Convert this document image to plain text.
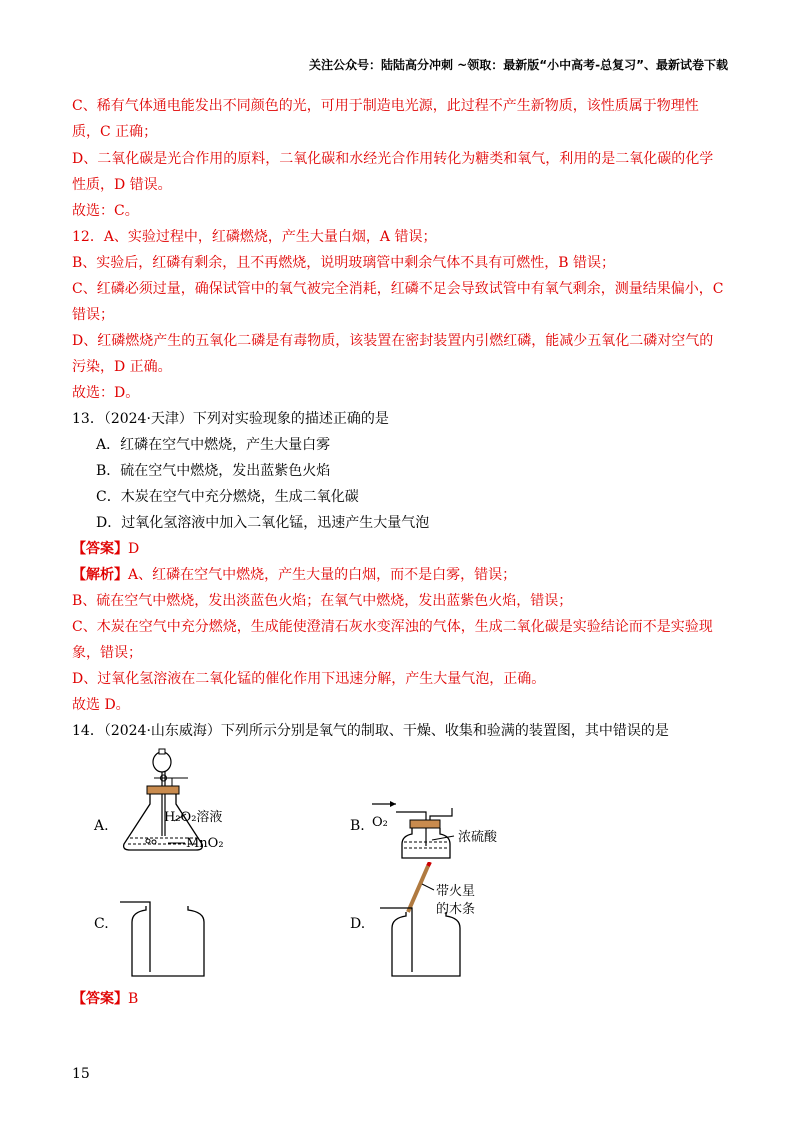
关注公众号：陆陆高分冲刺 ~领取：最新版“小中高考-总复习”、最新试卷下载
C、稀有气体通电能发出不同颜色的光，可用于制造电光源，此过程不产生新物质，该性质属于物理性
质，C 正确；
D、二氧化碳是光合作用的原料，二氧化碳和水经光合作用转化为糖类和氧气，利用的是二氧化碳的化学
性质，D 错误。
故选：C。
12．A、实验过程中，红磷燃烧，产生大量白烟，A 错误；
B、实验后，红磷有剩余，且不再燃烧，说明玻璃管中剩余气体不具有可燃性，B 错误；
C、红磷必须过量，确保试管中的氧气被完全消耗，红磷不足会导致试管中有氧气剩余，测量结果偏小，C
错误；
D、红磷燃烧产生的五氧化二磷是有毒物质，该装置在密封装置内引燃红磷，能减少五氧化二磷对空气的
污染，D 正确。
故选：D。
13．（2024·天津）下列对实验现象的描述正确的是
A．红磷在空气中燃烧，产生大量白雾
B．硫在空气中燃烧，发出蓝紫色火焰
C．木炭在空气中充分燃烧，生成二氧化碳
D．过氧化氢溶液中加入二氧化锰，迅速产生大量气泡
【答案】D
【解析】A、红磷在空气中燃烧，产生大量的白烟，而不是白雾，错误；
B、硫在空气中燃烧，发出淡蓝色火焰；在氧气中燃烧，发出蓝紫色火焰，错误；
C、木炭在空气中充分燃烧，生成能使澄清石灰水变浑浊的气体，生成二氧化碳是实验结论而不是实验现
象，错误；
D、过氧化氢溶液在二氧化锰的催化作用下迅速分解，产生大量气泡，正确。
故选 D。
14．（2024·山东威海）下列所示分别是氧气的制取、干燥、收集和验满的装置图，其中错误的是
A.
H₂O₂溶液
MnO₂
B. O₂
浓硫酸
C.	D.
带火星
的木条
【答案】B
15
